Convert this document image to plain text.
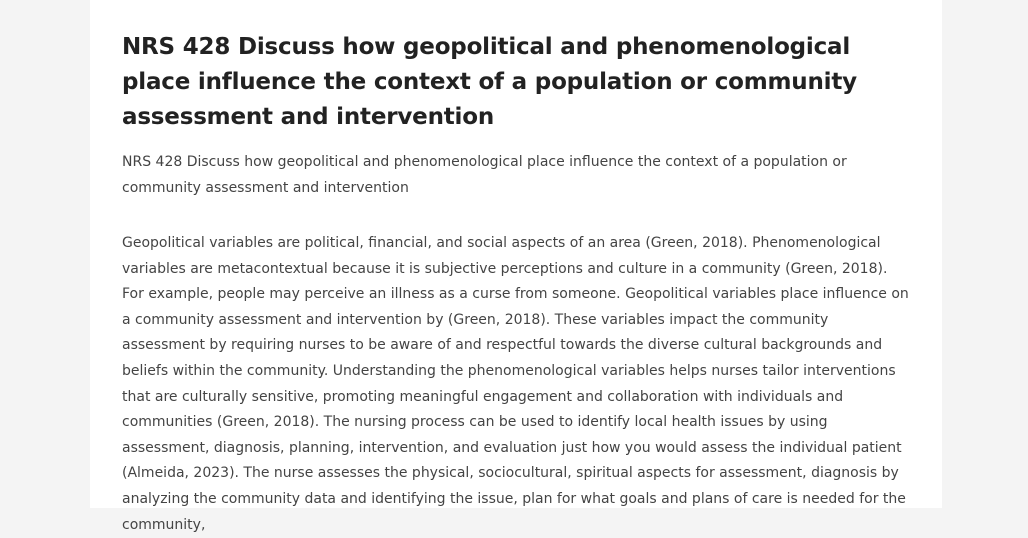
NRS 428 Discuss how geopolitical and phenomenological place influence the context of a population or community assessment and intervention

NRS 428 Discuss how geopolitical and phenomenological place influence the context of a population or community assessment and intervention

Geopolitical variables are political, financial, and social aspects of an area (Green, 2018). Phenomenological variables are metacontextual because it is subjective perceptions and culture in a community (Green, 2018). For example, people may perceive an illness as a curse from someone. Geopolitical variables place influence on a community assessment and intervention by (Green, 2018). These variables impact the community assessment by requiring nurses to be aware of and respectful towards the diverse cultural backgrounds and beliefs within the community. Understanding the phenomenological variables helps nurses tailor interventions that are culturally sensitive, promoting meaningful engagement and collaboration with individuals and communities (Green, 2018). The nursing process can be used to identify local health issues by using assessment, diagnosis, planning, intervention, and evaluation just how you would assess the individual patient (Almeida, 2023). The nurse assesses the physical, sociocultural, spiritual aspects for assessment, diagnosis by analyzing the community data and identifying the issue, plan for what goals and plans of care is needed for the community,
